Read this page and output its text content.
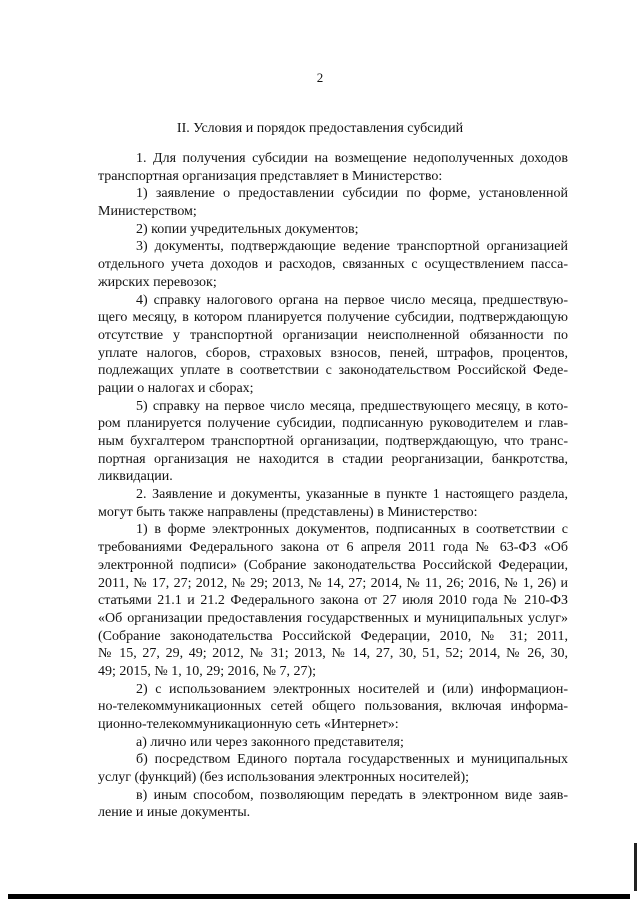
2
II. Условия и порядок предоставления субсидий
1. Для получения субсидии на возмещение недополученных доходов
транспортная организация представляет в Министерство:
1) заявление о предоставлении субсидии по форме, установленной
Министерством;
2) копии учредительных документов;
3) документы, подтверждающие ведение транспортной организацией
отдельного учета доходов и расходов, связанных с осуществлением пасса-
жирских перевозок;
4) справку налогового органа на первое число месяца, предшествую-
щего месяцу, в котором планируется получение субсидии, подтверждающую
отсутствие у транспортной организации неисполненной обязанности по
уплате налогов, сборов, страховых взносов, пеней, штрафов, процентов,
подлежащих уплате в соответствии с законодательством Российской Феде-
рации о налогах и сборах;
5) справку на первое число месяца, предшествующего месяцу, в кото-
ром планируется получение субсидии, подписанную руководителем и глав-
ным бухгалтером транспортной организации, подтверждающую, что транс-
портная организация не находится в стадии реорганизации, банкротства,
ликвидации.
2. Заявление и документы, указанные в пункте 1 настоящего раздела,
могут быть также направлены (представлены) в Министерство:
1) в форме электронных документов, подписанных в соответствии с
требованиями Федерального закона от 6 апреля 2011 года № 63-ФЗ «Об
электронной подписи» (Собрание законодательства Российской Федерации,
2011, № 17, 27; 2012, № 29; 2013, № 14, 27; 2014, № 11, 26; 2016, № 1, 26) и
статьями 21.1 и 21.2 Федерального закона от 27 июля 2010 года № 210-ФЗ
«Об организации предоставления государственных и муниципальных услуг»
(Собрание законодательства Российской Федерации, 2010, № 31; 2011,
№ 15, 27, 29, 49; 2012, № 31; 2013, № 14, 27, 30, 51, 52; 2014, № 26, 30,
49; 2015, № 1, 10, 29; 2016, № 7, 27);
2) с использованием электронных носителей и (или) информацион-
но-телекоммуникационных сетей общего пользования, включая информа-
ционно-телекоммуникационную сеть «Интернет»:
а) лично или через законного представителя;
б) посредством Единого портала государственных и муниципальных
услуг (функций) (без использования электронных носителей);
в) иным способом, позволяющим передать в электронном виде заяв-
ление и иные документы.
